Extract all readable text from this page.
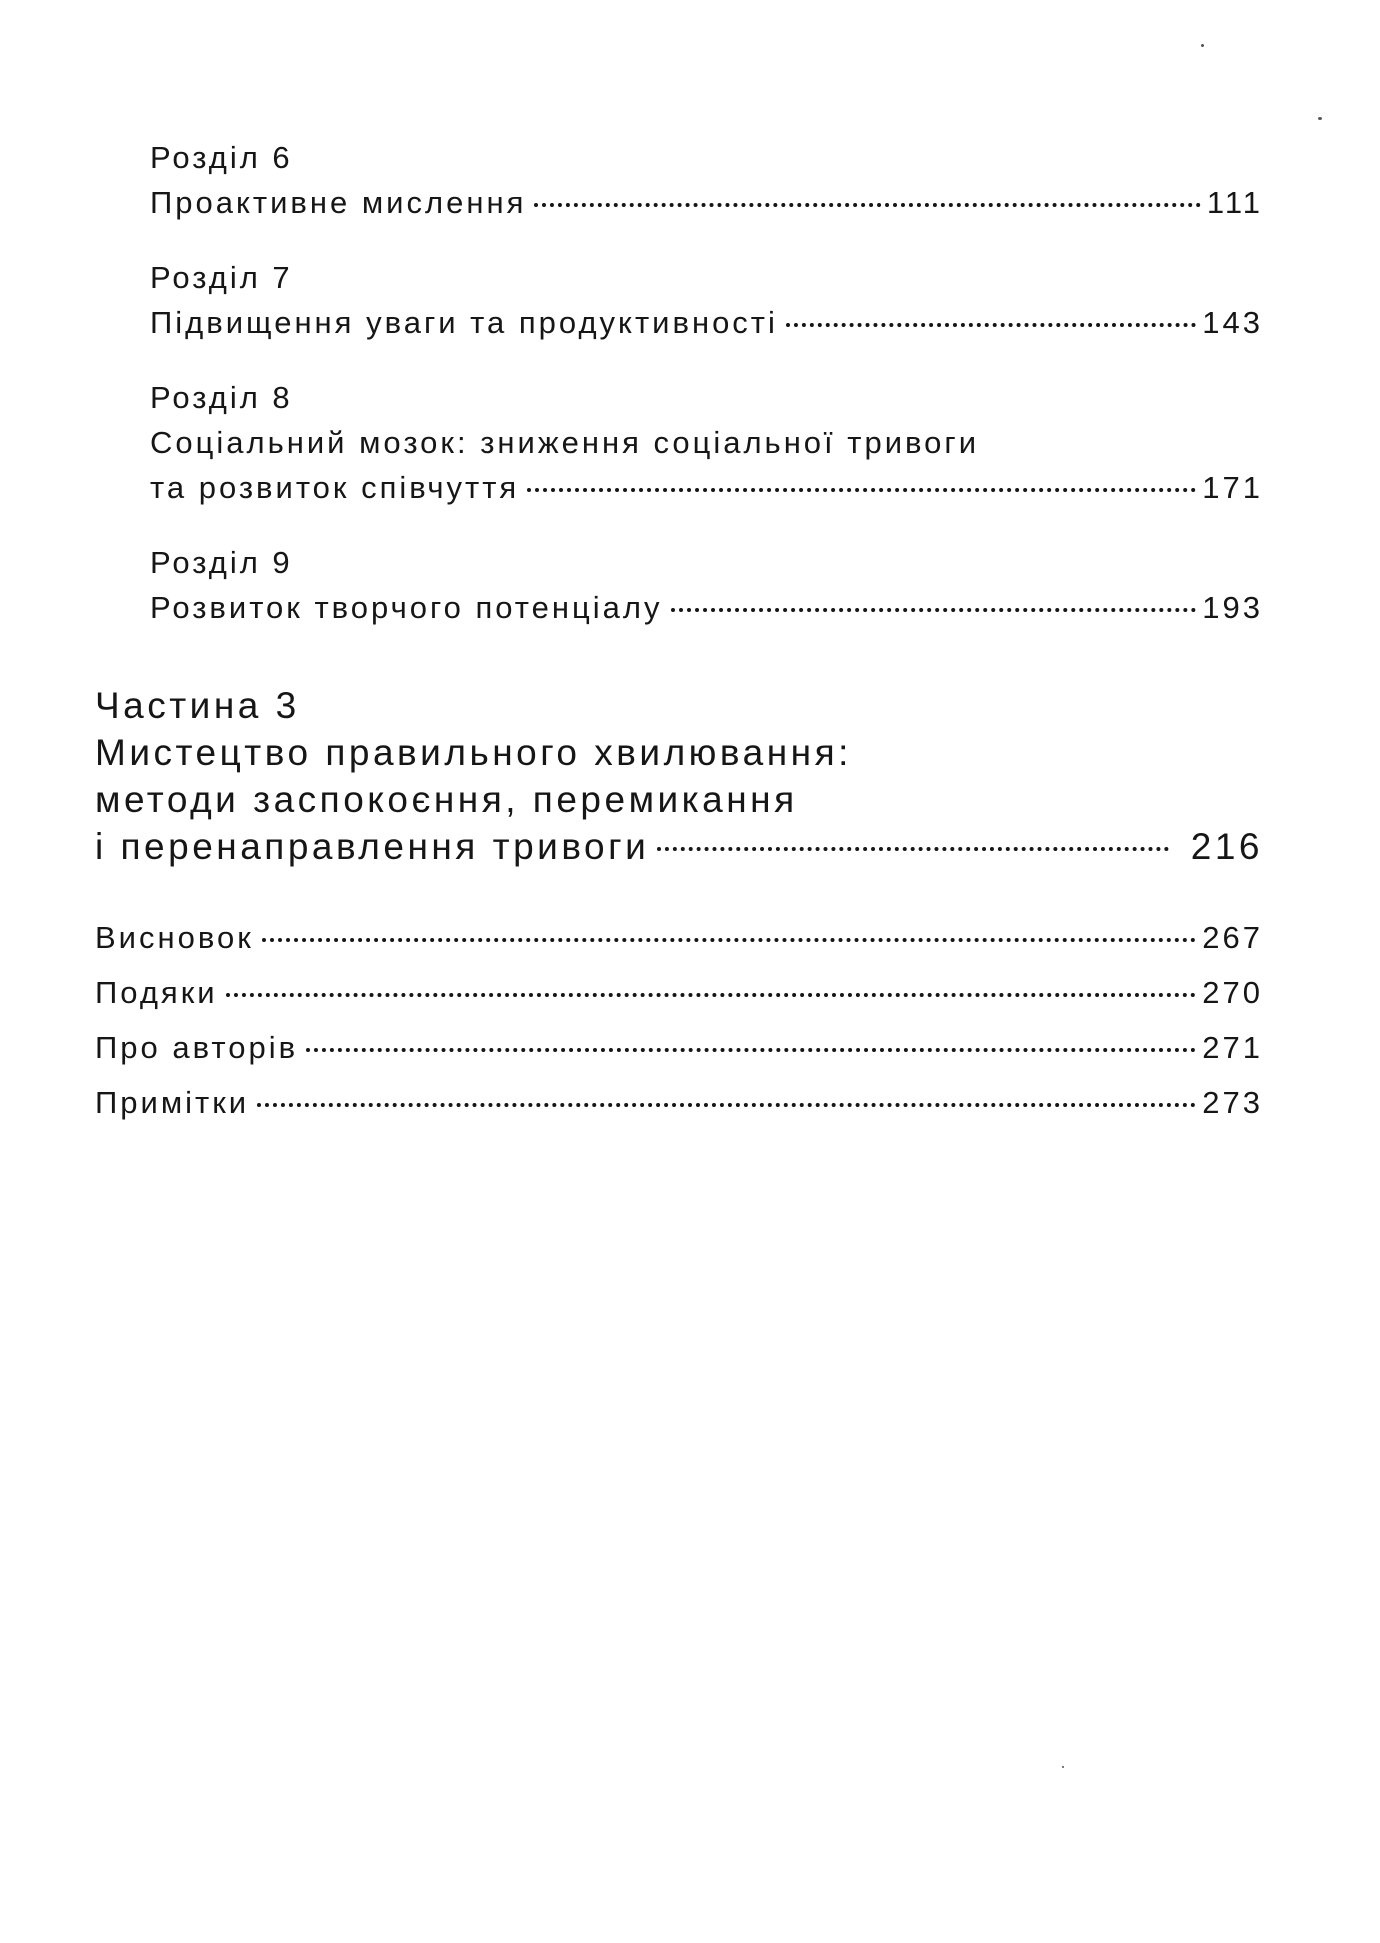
Розділ 6
Проактивне мислення	111
Розділ 7
Підвищення уваги та продуктивності	143
Розділ 8
Соціальний мозок: зниження соціальної тривоги
та розвиток співчуття	171
Розділ 9
Розвиток творчого потенціалу	193
Частина 3
Мистецтво правильного хвилювання:
методи заспокоєння, перемикання
і перенаправлення тривоги	216
Висновок	267
Подяки	270
Про авторів	271
Примітки	273
